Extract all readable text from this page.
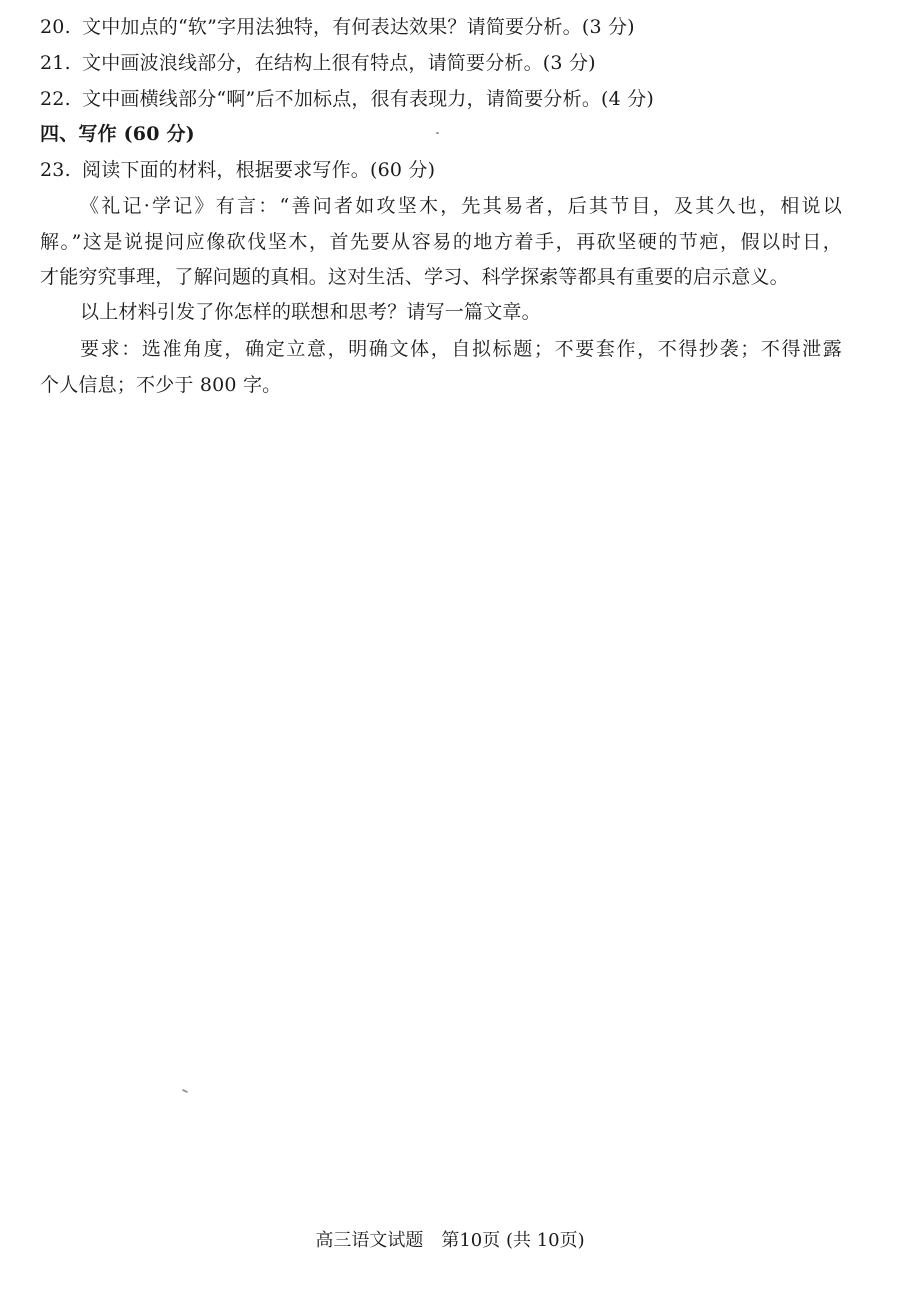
20. 文中加点的“软”字用法独特，有何表达效果？请简要分析。(3 分)
21. 文中画波浪线部分，在结构上很有特点，请简要分析。(3 分)
22. 文中画横线部分“啊”后不加标点，很有表现力，请简要分析。(4 分)
四、写作 (60 分)
23. 阅读下面的材料，根据要求写作。(60 分)
《礼记·学记》有言：“善问者如攻坚木，先其易者，后其节目，及其久也，相说以
解。”这是说提问应像砍伐坚木，首先要从容易的地方着手，再砍坚硬的节疤，假以时日，
才能穷究事理，了解问题的真相。这对生活、学习、科学探索等都具有重要的启示意义。
以上材料引发了你怎样的联想和思考？请写一篇文章。
要求：选准角度，确定立意，明确文体，自拟标题；不要套作，不得抄袭；不得泄露
个人信息；不少于 800 字。
高三语文试题 第10页 (共 10页)
